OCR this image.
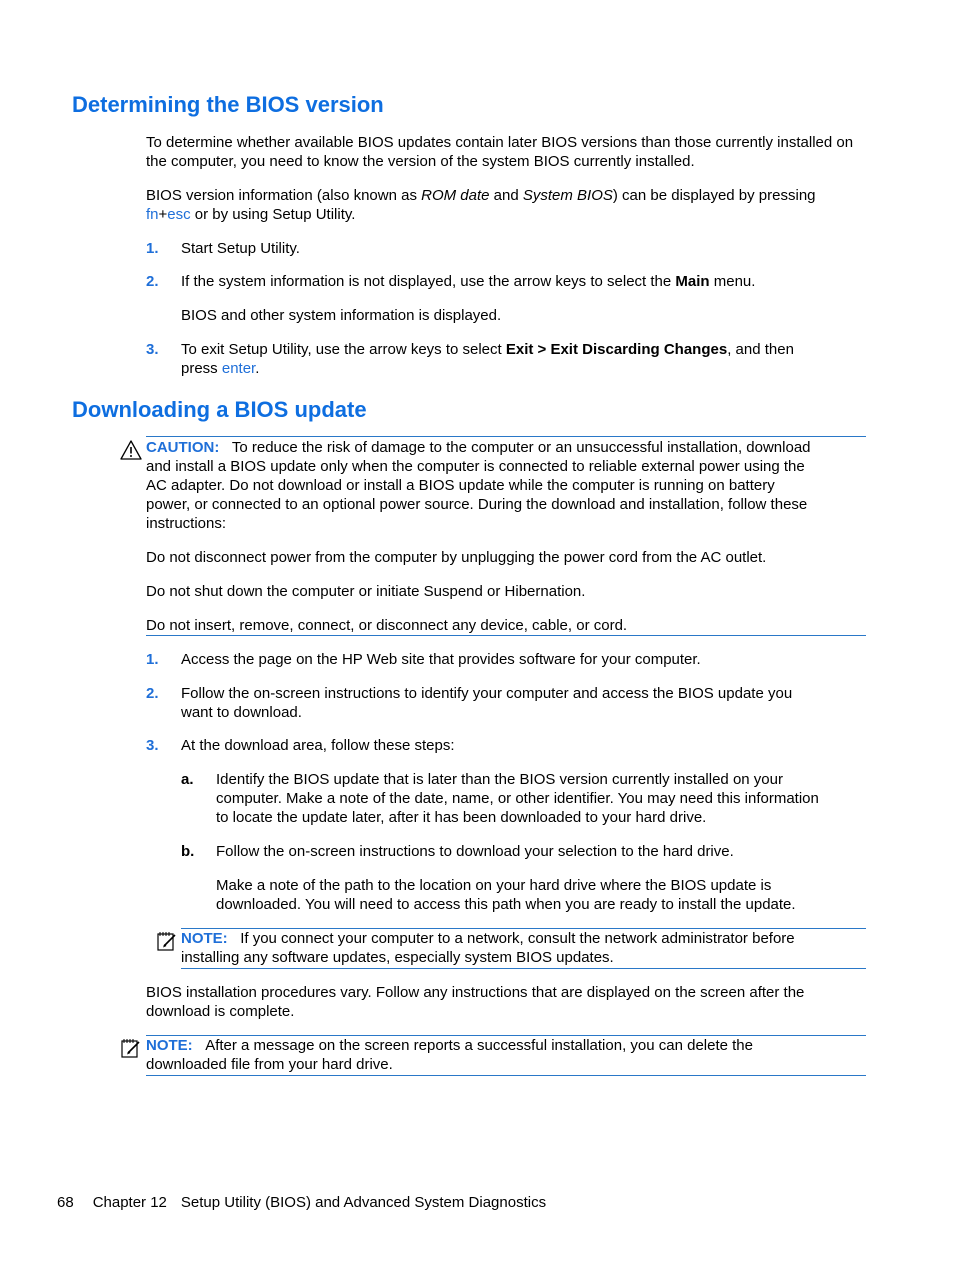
Determining the BIOS version
To determine whether available BIOS updates contain later BIOS versions than those currently installed on the computer, you need to know the version of the system BIOS currently installed.
BIOS version information (also known as ROM date and System BIOS) can be displayed by pressing
fn+esc or by using Setup Utility.
1. Start Setup Utility.
2. If the system information is not displayed, use the arrow keys to select the Main menu.
BIOS and other system information is displayed.
3. To exit Setup Utility, use the arrow keys to select Exit > Exit Discarding Changes, and then
press enter.
Downloading a BIOS update
CAUTION: To reduce the risk of damage to the computer or an unsuccessful installation, download
and install a BIOS update only when the computer is connected to reliable external power using the
AC adapter. Do not download or install a BIOS update while the computer is running on battery
power, or connected to an optional power source. During the download and installation, follow these
instructions:
Do not disconnect power from the computer by unplugging the power cord from the AC outlet.
Do not shut down the computer or initiate Suspend or Hibernation.
Do not insert, remove, connect, or disconnect any device, cable, or cord.
1. Access the page on the HP Web site that provides software for your computer.
2. Follow the on-screen instructions to identify your computer and access the BIOS update you
want to download.
3. At the download area, follow these steps:
a. Identify the BIOS update that is later than the BIOS version currently installed on your
computer. Make a note of the date, name, or other identifier. You may need this information
to locate the update later, after it has been downloaded to your hard drive.
b. Follow the on-screen instructions to download your selection to the hard drive.
Make a note of the path to the location on your hard drive where the BIOS update is
downloaded. You will need to access this path when you are ready to install the update.
NOTE: If you connect your computer to a network, consult the network administrator before
installing any software updates, especially system BIOS updates.
BIOS installation procedures vary. Follow any instructions that are displayed on the screen after the
download is complete.
NOTE: After a message on the screen reports a successful installation, you can delete the
downloaded file from your hard drive.
68 Chapter 12 Setup Utility (BIOS) and Advanced System Diagnostics
